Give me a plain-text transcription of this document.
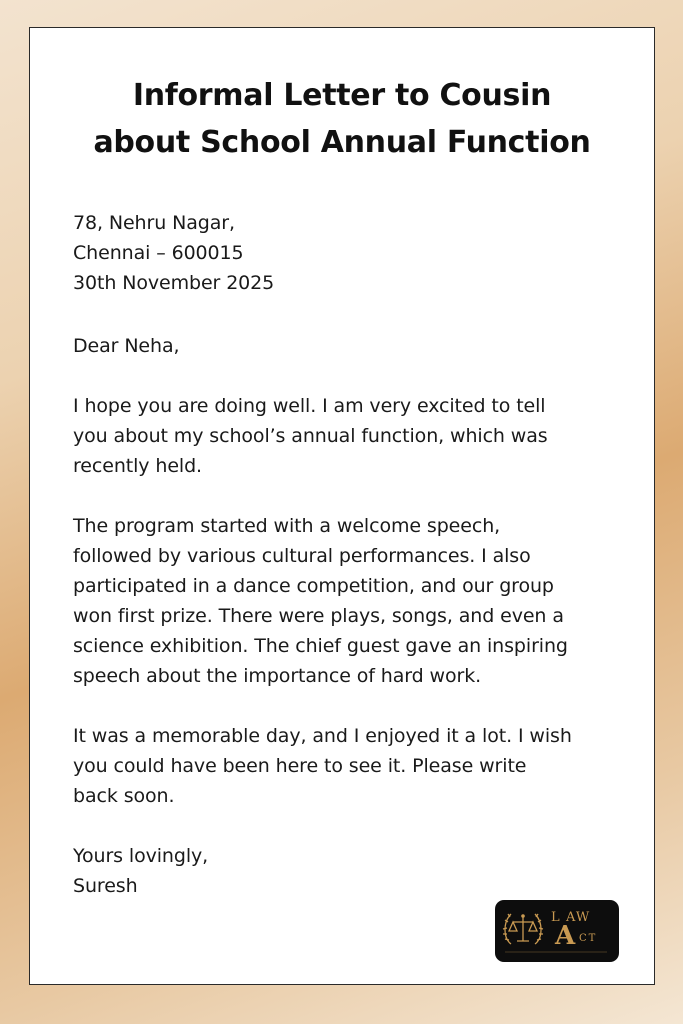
Informal Letter to Cousin
about School Annual Function
78, Nehru Nagar,
Chennai – 600015
30th November 2025
Dear Neha,
I hope you are doing well. I am very excited to tell
you about my school’s annual function, which was
recently held.
The program started with a welcome speech,
followed by various cultural performances. I also
participated in a dance competition, and our group
won first prize. There were plays, songs, and even a
science exhibition. The chief guest gave an inspiring
speech about the importance of hard work.
It was a memorable day, and I enjoyed it a lot. I wish
you could have been here to see it. Please write
back soon.
Yours lovingly,
Suresh
L AW
A CT
